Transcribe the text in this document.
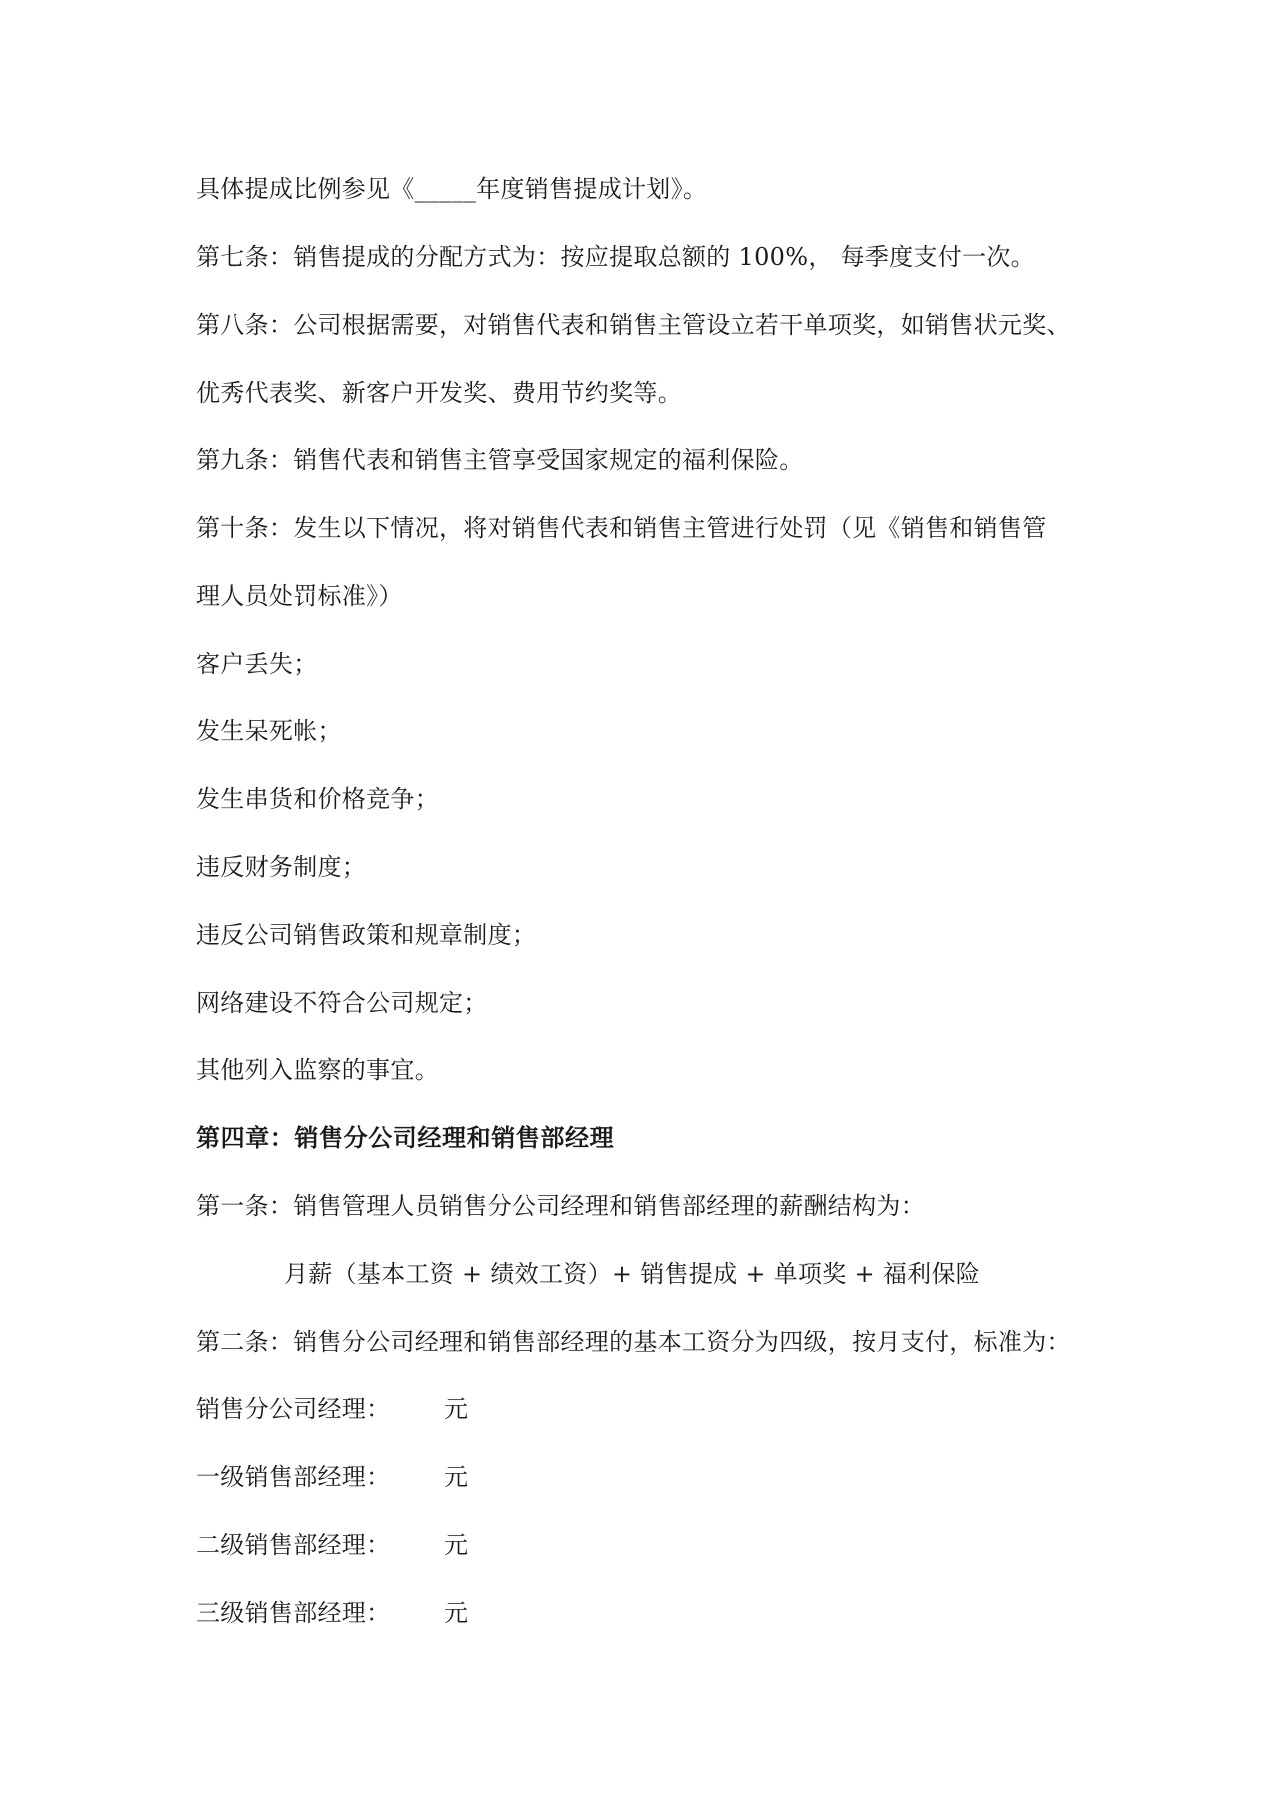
具体提成比例参见《_____年度销售提成计划》。
第七条：销售提成的分配方式为：按应提取总额的 100%， 每季度支付一次。
第八条：公司根据需要，对销售代表和销售主管设立若干单项奖，如销售状元奖、
优秀代表奖、新客户开发奖、费用节约奖等。
第九条：销售代表和销售主管享受国家规定的福利保险。
第十条：发生以下情况，将对销售代表和销售主管进行处罚（见《销售和销售管
理人员处罚标准》）
客户丢失；
发生呆死帐；
发生串货和价格竞争；
违反财务制度；
违反公司销售政策和规章制度；
网络建设不符合公司规定；
其他列入监察的事宜。
第四章：销售分公司经理和销售部经理
第一条：销售管理人员销售分公司经理和销售部经理的薪酬结构为：
月薪（基本工资 + 绩效工资）+ 销售提成 + 单项奖 + 福利保险
第二条：销售分公司经理和销售部经理的基本工资分为四级，按月支付，标准为：
销售分公司经理： 元
一级销售部经理： 元
二级销售部经理： 元
三级销售部经理： 元
